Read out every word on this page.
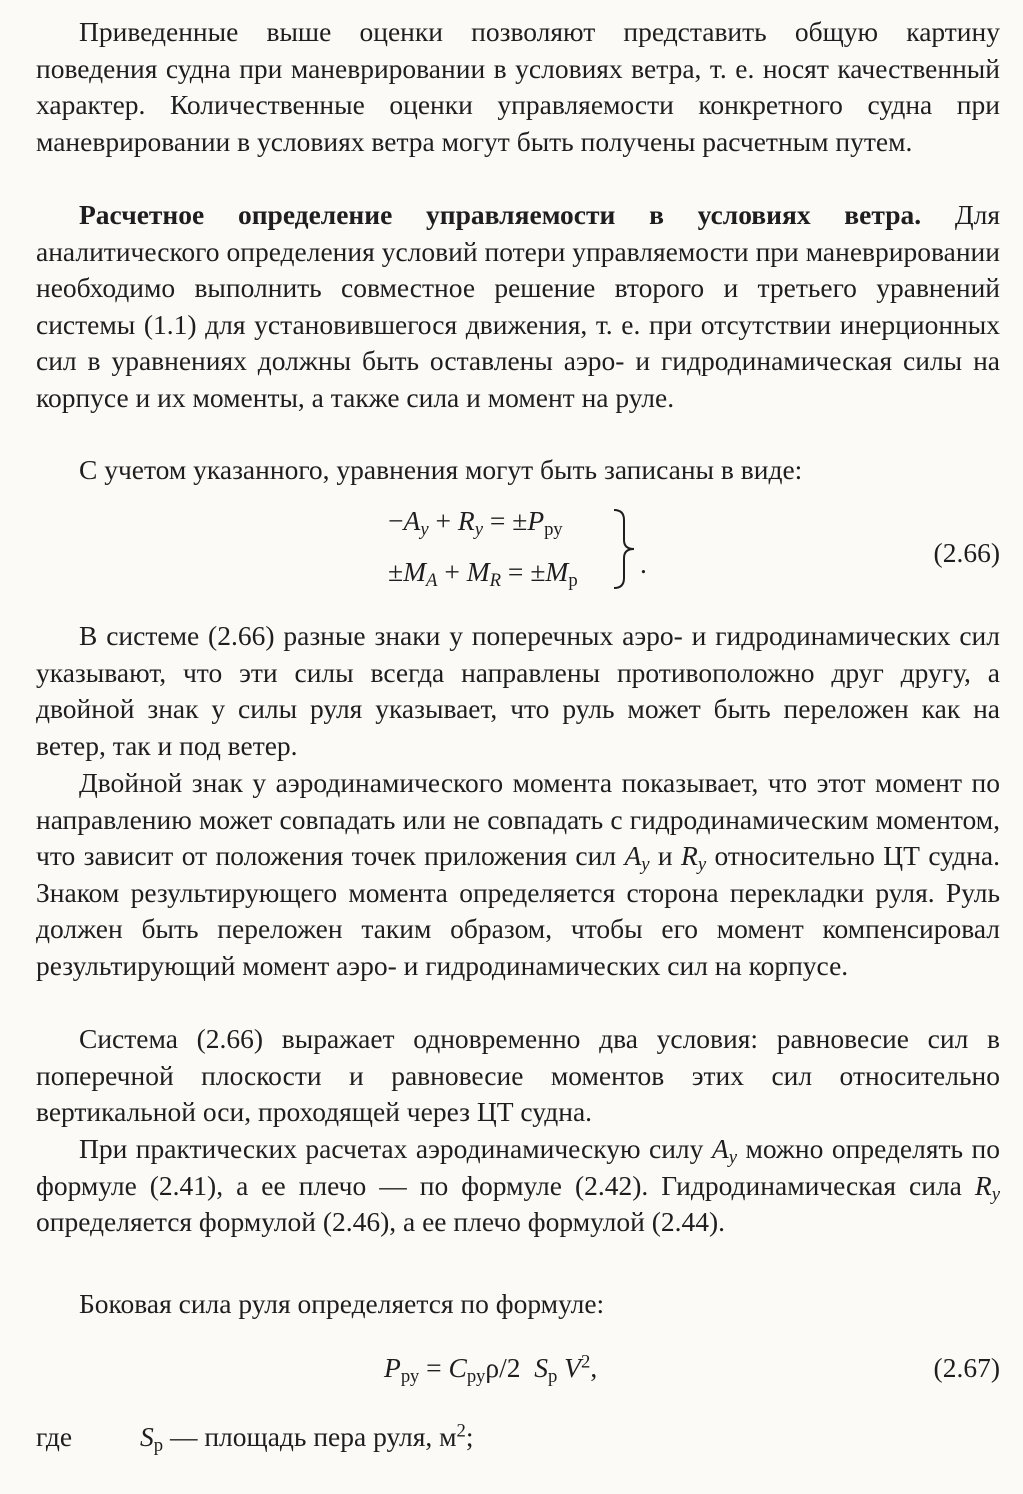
Приведенные выше оценки позволяют представить общую картину поведения судна при маневрировании в условиях ветра, т. е. носят качественный характер. Количественные оценки управляемости конкретного судна при маневрировании в условиях ветра могут быть получены расчетным путем.

Расчетное определение управляемости в условиях ветра. Для аналитического определения условий потери управляемости при маневрировании необходимо выполнить совместное решение второго и третьего уравнений системы (1.1) для установившегося движения, т. е. при отсутствии инерционных сил в уравнениях должны быть оставлены аэро- и гидродинамическая силы на корпусе и их моменты, а также сила и момент на руле.

С учетом указанного, уравнения могут быть записаны в виде:

$-A_y + R_y = \pm P_{ру}$
$\pm M_A + M_R = \pm M_р$
.	(2.66)

В системе (2.66) разные знаки у поперечных аэро- и гидродинамических сил указывают, что эти силы всегда направлены противоположно друг другу, а двойной знак у силы руля указывает, что руль может быть переложен как на ветер, так и под ветер.

Двойной знак у аэродинамического момента показывает, что этот момент по направлению может совпадать или не совпадать с гидродинамическим моментом, что зависит от положения точек приложения сил $A_y$ и $R_y$ относительно ЦТ судна. Знаком результирующего момента определяется сторона перекладки руля. Руль должен быть переложен таким образом, чтобы его момент компенсировал результирующий момент аэро- и гидродинамических сил на корпусе.

Система (2.66) выражает одновременно два условия: равновесие сил в поперечной плоскости и равновесие моментов этих сил относительно вертикальной оси, проходящей через ЦТ судна.

При практических расчетах аэродинамическую силу $A_y$ можно определять по формуле (2.41), а ее плечо — по формуле (2.42). Гидродинамическая сила $R_y$ определяется формулой (2.46), а ее плечо формулой (2.44).

Боковая сила руля определяется по формуле:

$P_{ру} = C_{ру}\rho/2$ $S_р$ $V^2$,	(2.67)
где $S_р$ — площадь пера руля, $м^2$;
